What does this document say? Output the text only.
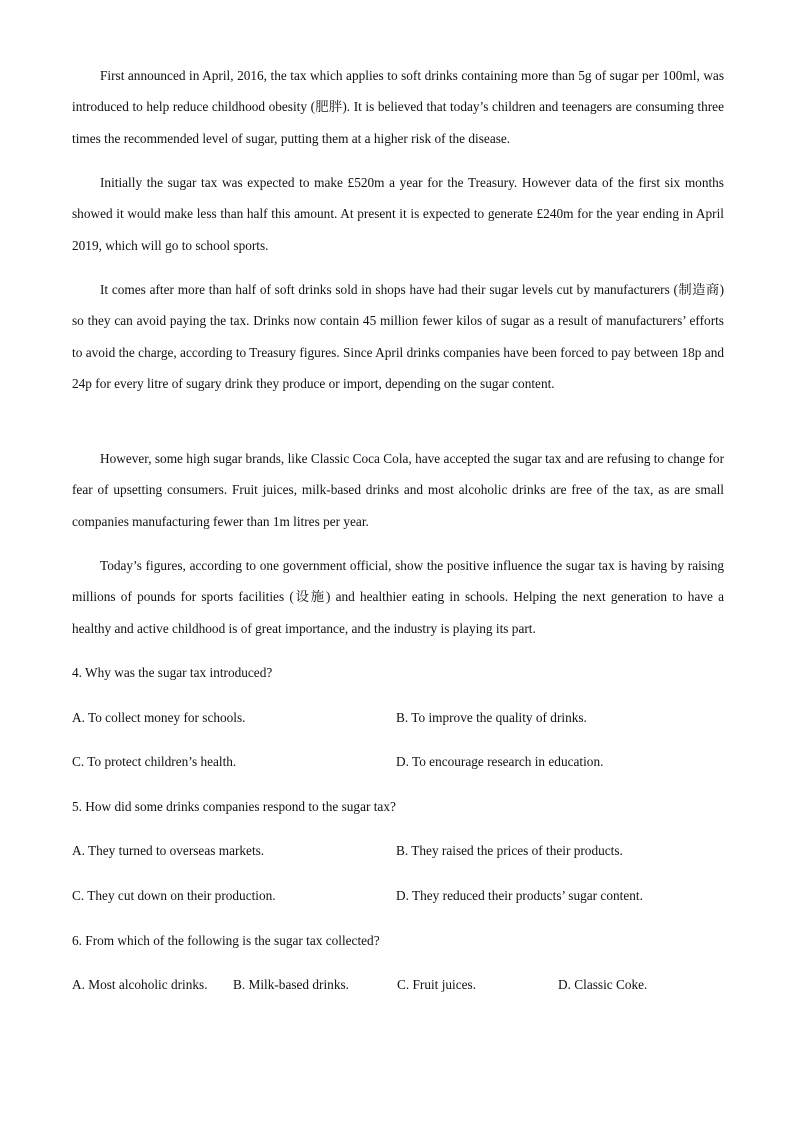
First announced in April, 2016, the tax which applies to soft drinks containing more than 5g of sugar per 100ml, was introduced to help reduce childhood obesity (肥胖). It is believed that today’s children and teenagers are consuming three times the recommended level of sugar, putting them at a higher risk of the disease.

Initially the sugar tax was expected to make £520m a year for the Treasury. However data of the first six months showed it would make less than half this amount. At present it is expected to generate £240m for the year ending in April 2019, which will go to school sports.

It comes after more than half of soft drinks sold in shops have had their sugar levels cut by manufacturers (制造商) so they can avoid paying the tax. Drinks now contain 45 million fewer kilos of sugar as a result of manufacturers’ efforts to avoid the charge, according to Treasury figures. Since April drinks companies have been forced to pay between 18p and 24p for every litre of sugary drink they produce or import, depending on the sugar content.

However, some high sugar brands, like Classic Coca Cola, have accepted the sugar tax and are refusing to change for fear of upsetting consumers. Fruit juices, milk-based drinks and most alcoholic drinks are free of the tax, as are small companies manufacturing fewer than 1m litres per year.

Today’s figures, according to one government official, show the positive influence the sugar tax is having by raising millions of pounds for sports facilities (设施) and healthier eating in schools. Helping the next generation to have a healthy and active childhood is of great importance, and the industry is playing its part.

4. Why was the sugar tax introduced?

A. To collect money for schools.	B. To improve the quality of drinks.

C. To protect children’s health.	D. To encourage research in education.

5. How did some drinks companies respond to the sugar tax?

A. They turned to overseas markets.	B. They raised the prices of their products.

C. They cut down on their production.	D. They reduced their products’ sugar content.

6. From which of the following is the sugar tax collected?

A. Most alcoholic drinks. B. Milk-based drinks.	C. Fruit juices.	D. Classic Coke.
